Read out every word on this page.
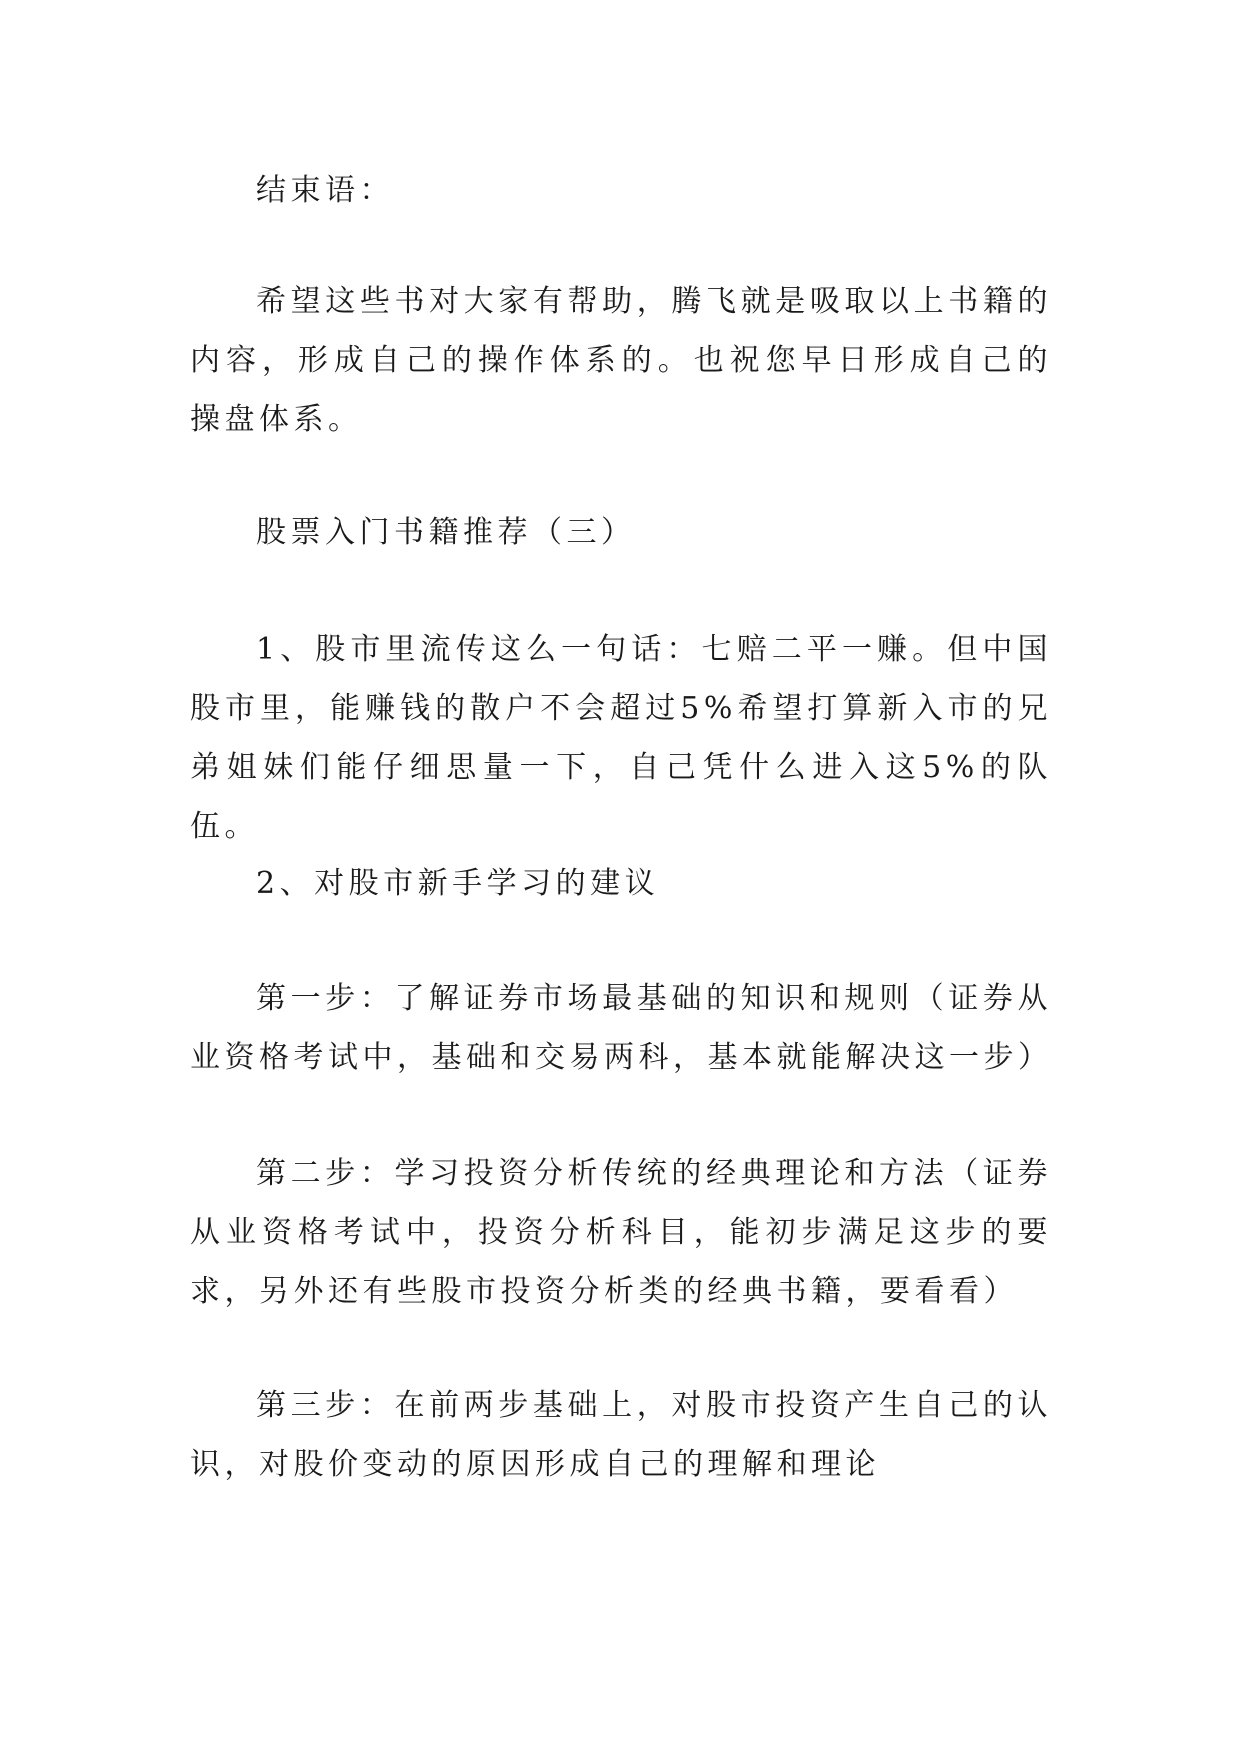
结束语：

希望这些书对大家有帮助，腾飞就是吸取以上书籍的内容，形成自己的操作体系的。也祝您早日形成自己的操盘体系。

股票入门书籍推荐（三）

1、股市里流传这么一句话：七赔二平一赚。但中国股市里，能赚钱的散户不会超过5%希望打算新入市的兄弟姐妹们能仔细思量一下，自己凭什么进入这5%的队伍。

2、对股市新手学习的建议

第一步：了解证券市场最基础的知识和规则（证券从业资格考试中，基础和交易两科，基本就能解决这一步）

第二步：学习投资分析传统的经典理论和方法（证券从业资格考试中，投资分析科目，能初步满足这步的要求，另外还有些股市投资分析类的经典书籍，要看看）

第三步：在前两步基础上，对股市投资产生自己的认识，对股价变动的原因形成自己的理解和理论
